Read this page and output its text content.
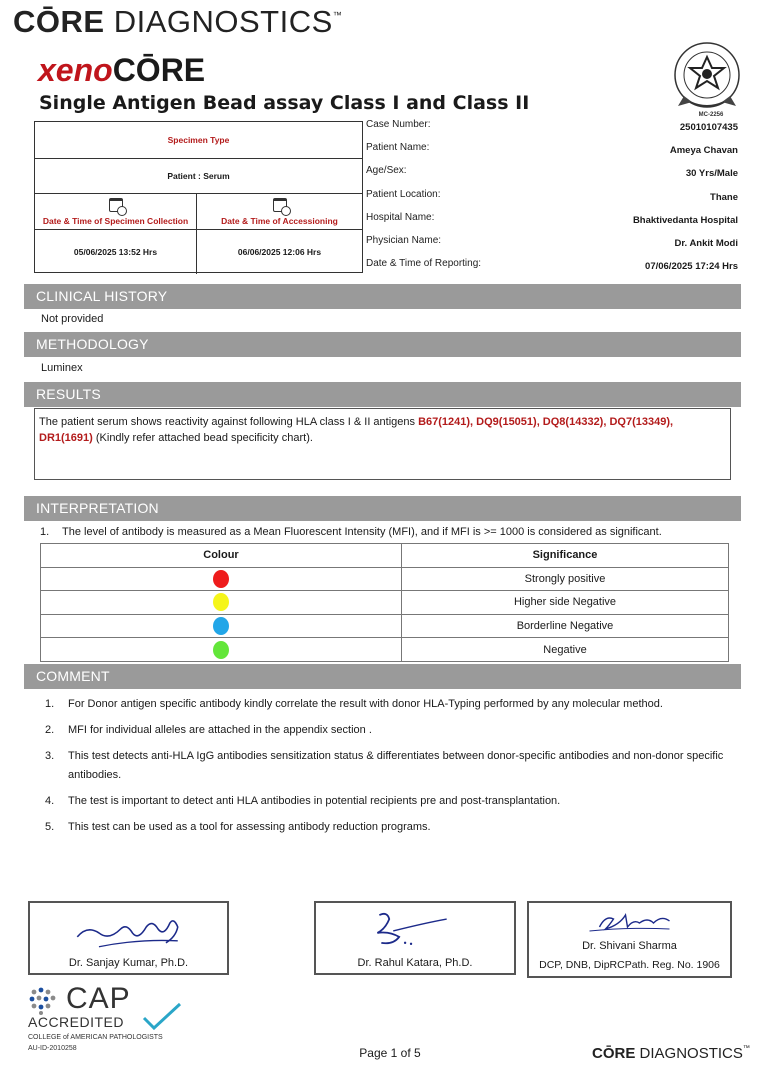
CŌRE DIAGNOSTICS™
xenoCŌRE
Single Antigen Bead assay Class I and Class II
MC-2256
Specimen Type
Patient : Serum
Date & Time of Specimen Collection
05/06/2025 13:52 Hrs
Date & Time of Accessioning
06/06/2025 12:06 Hrs
Case Number:	25010107435
Patient Name:	Ameya Chavan
Age/Sex:	30 Yrs/Male
Patient Location:	Thane
Hospital Name:	Bhaktivedanta Hospital
Physician Name:	Dr. Ankit Modi
Date & Time of Reporting:	07/06/2025 17:24 Hrs
CLINICAL HISTORY
Not provided
METHODOLOGY
Luminex
RESULTS
The patient serum shows reactivity against following HLA class I & II antigens B67(1241), DQ9(15051), DQ8(14332), DQ7(13349), DR1(1691) (Kindly refer attached bead specificity chart).
INTERPRETATION
1. The level of antibody is measured as a Mean Fluorescent Intensity (MFI), and if MFI is >= 1000 is considered as significant.
Colour	Significance
	Strongly positive
	Higher side Negative
	Borderline Negative
	Negative
COMMENT
1.	For Donor antigen specific antibody kindly correlate the result with donor HLA-Typing performed by any molecular method.
2.	MFI for individual alleles are attached in the appendix section .
3.	This test detects anti-HLA IgG antibodies sensitization status & differentiates between donor-specific antibodies and non-donor specific antibodies.
4.	The test is important to detect anti HLA antibodies in potential recipients pre and post-transplantation.
5.	This test can be used as a tool for assessing antibody reduction programs.
Dr. Sanjay Kumar, Ph.D.	Dr. Rahul Katara, Ph.D.
Dr. Shivani Sharma
DCP, DNB, DipRCPath. Reg. No. 1906
CAP
ACCREDITED
COLLEGE of AMERICAN PATHOLOGISTS
AU-ID-2010258	Page 1 of 5	CŌRE DIAGNOSTICS™
